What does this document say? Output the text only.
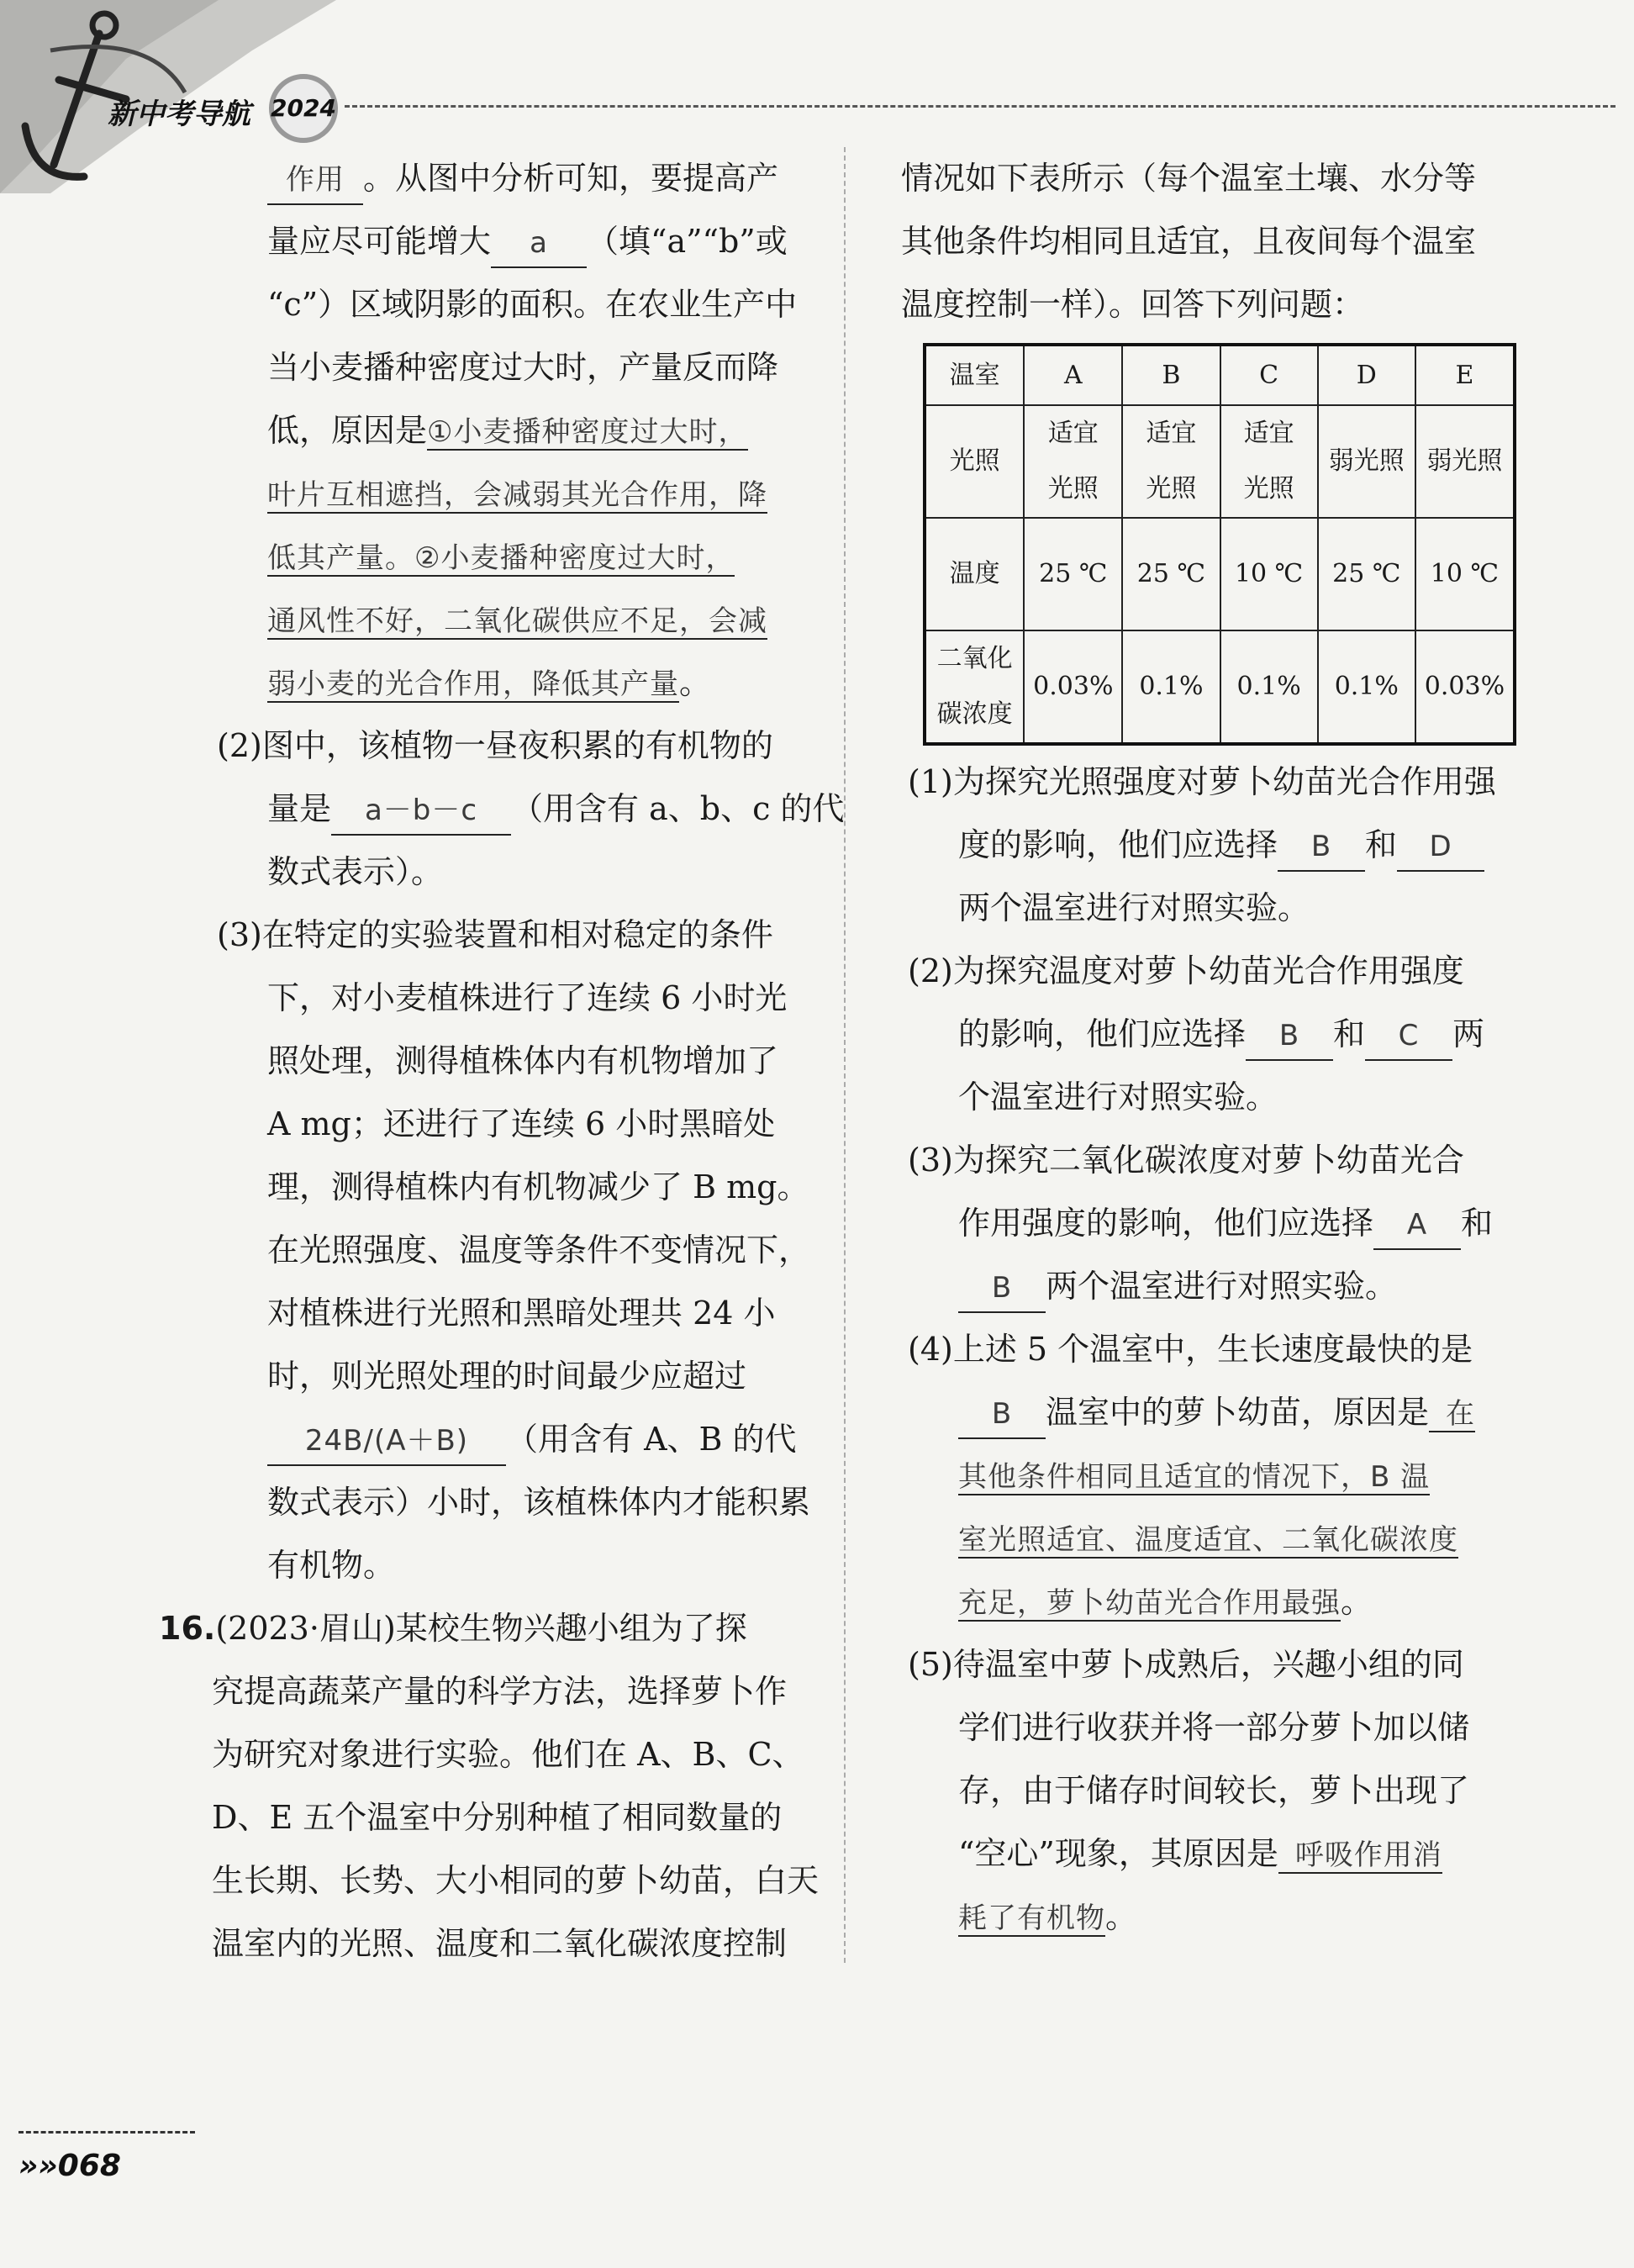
新中考导航 2024
作用 。从图中分析可知，要提高产
量应尽可能增大 a （填“a”“b”或
“c”）区域阴影的面积。在农业生产中
当小麦播种密度过大时，产量反而降
低，原因是①小麦播种密度过大时，
叶片互相遮挡，会减弱其光合作用，降
低其产量。②小麦播种密度过大时，
通风性不好，二氧化碳供应不足，会减
弱小麦的光合作用，降低其产量。
(2)图中，该植物一昼夜积累的有机物的
量是 a－b－c （用含有 a、b、c 的代
数式表示）。
(3)在特定的实验装置和相对稳定的条件
下，对小麦植株进行了连续 6 小时光
照处理，测得植株体内有机物增加了
A mg；还进行了连续 6 小时黑暗处
理，测得植株内有机物减少了 B mg。
在光照强度、温度等条件不变情况下，
对植株进行光照和黑暗处理共 24 小
时，则光照处理的时间最少应超过
24B/(A＋B) （用含有 A、B 的代
数式表示）小时，该植株体内才能积累
有机物。
16.(2023·眉山)某校生物兴趣小组为了探
究提高蔬菜产量的科学方法，选择萝卜作
为研究对象进行实验。他们在 A、B、C、
D、E 五个温室中分别种植了相同数量的
生长期、长势、大小相同的萝卜幼苗，白天
温室内的光照、温度和二氧化碳浓度控制
情况如下表所示（每个温室土壤、水分等
其他条件均相同且适宜，且夜间每个温室
温度控制一样）。回答下列问题：
温室	A	B	C	D	E
光照	适宜光照	适宜光照	适宜光照	弱光照	弱光照
温度	25 ℃	25 ℃	10 ℃	25 ℃	10 ℃

二氧化碳浓度	0.03%	0.1%	0.1%	0.1%	0.03%
(1)为探究光照强度对萝卜幼苗光合作用强
度的影响，他们应选择 B 和 D
两个温室进行对照实验。
(2)为探究温度对萝卜幼苗光合作用强度
的影响，他们应选择 B 和 C 两
个温室进行对照实验。
(3)为探究二氧化碳浓度对萝卜幼苗光合
作用强度的影响，他们应选择 A 和
B 两个温室进行对照实验。
(4)上述 5 个温室中，生长速度最快的是
B 温室中的萝卜幼苗，原因是 在
其他条件相同且适宜的情况下，B 温
室光照适宜、温度适宜、二氧化碳浓度
充足，萝卜幼苗光合作用最强。
(5)待温室中萝卜成熟后，兴趣小组的同
学们进行收获并将一部分萝卜加以储
存，由于储存时间较长，萝卜出现了
“空心”现象，其原因是 呼吸作用消
耗了有机物。
»»068
